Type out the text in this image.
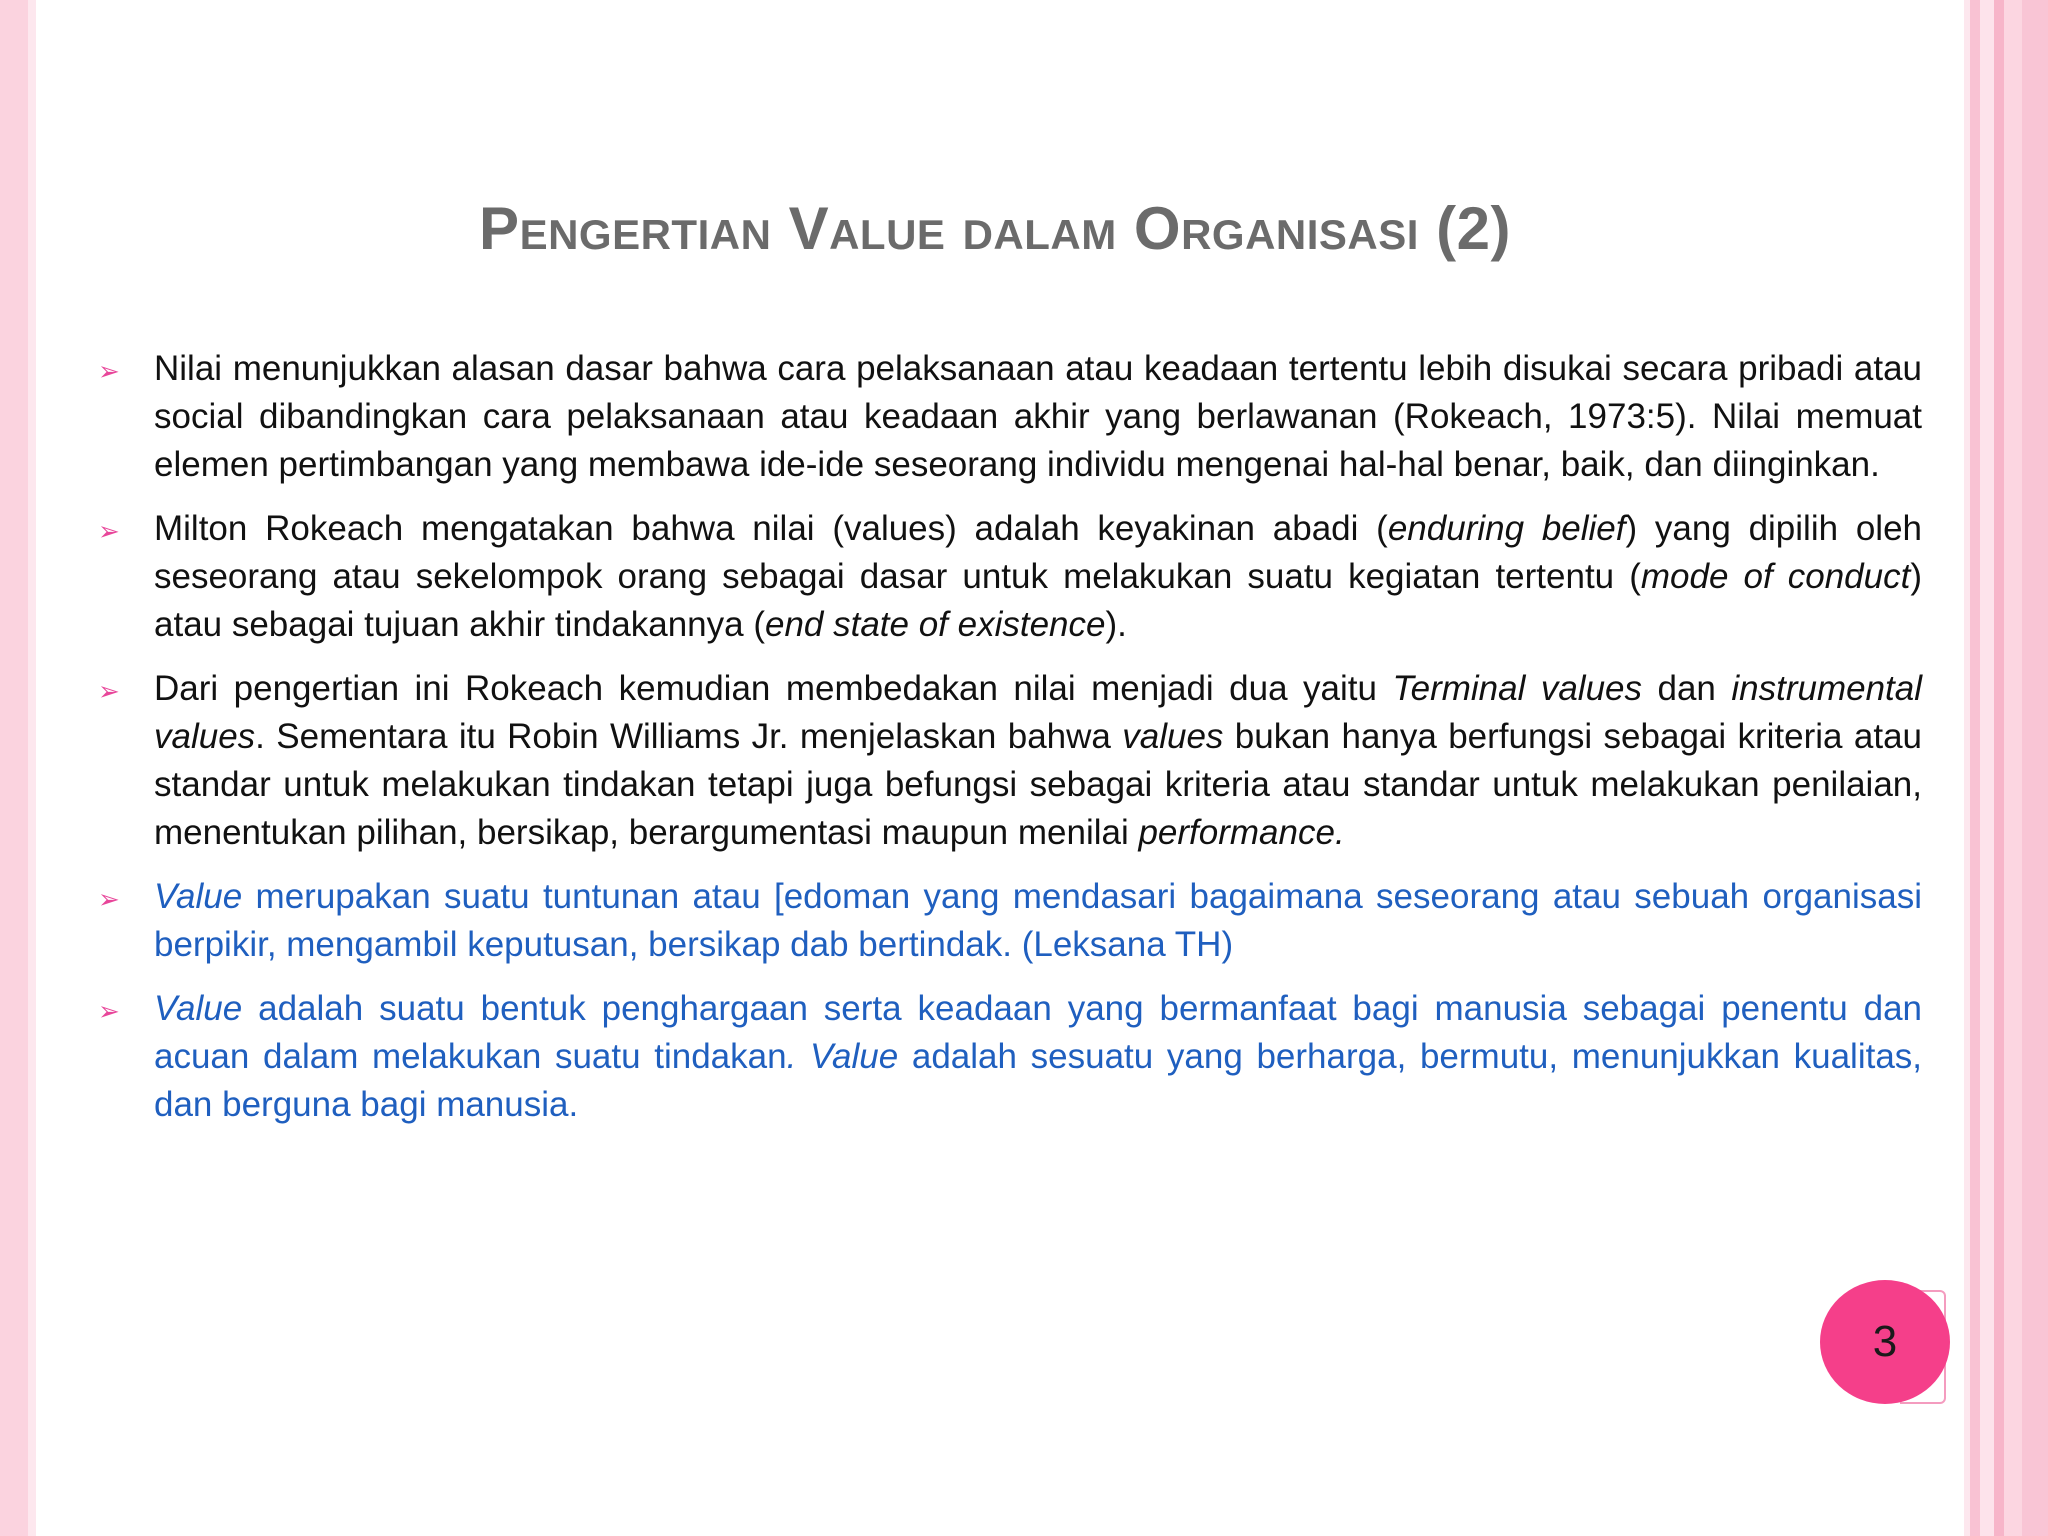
Pengertian Value dalam Organisasi (2)
➢ Nilai menunjukkan alasan dasar bahwa cara pelaksanaan atau keadaan tertentu lebih disukai secara pribadi atau social dibandingkan cara pelaksanaan atau keadaan akhir yang berlawanan (Rokeach, 1973:5). Nilai memuat elemen pertimbangan yang membawa ide-ide seseorang individu mengenai hal-hal benar, baik, dan diinginkan.
➢ Milton Rokeach mengatakan bahwa nilai (values) adalah keyakinan abadi (enduring belief) yang dipilih oleh seseorang atau sekelompok orang sebagai dasar untuk melakukan suatu kegiatan tertentu (mode of conduct) atau sebagai tujuan akhir tindakannya (end state of existence).
➢ Dari pengertian ini Rokeach kemudian membedakan nilai menjadi dua yaitu Terminal values dan instrumental values. Sementara itu Robin Williams Jr. menjelaskan bahwa values bukan hanya berfungsi sebagai kriteria atau standar untuk melakukan tindakan tetapi juga befungsi sebagai kriteria atau standar untuk melakukan penilaian, menentukan pilihan, bersikap, berargumentasi maupun menilai performance.
➢ Value merupakan suatu tuntunan atau [edoman yang mendasari bagaimana seseorang atau sebuah organisasi berpikir, mengambil keputusan, bersikap dab bertindak. (Leksana TH)
➢ Value adalah suatu bentuk penghargaan serta keadaan yang bermanfaat bagi manusia sebagai penentu dan acuan dalam melakukan suatu tindakan. Value adalah sesuatu yang berharga, bermutu, menunjukkan kualitas, dan berguna bagi manusia.
3
